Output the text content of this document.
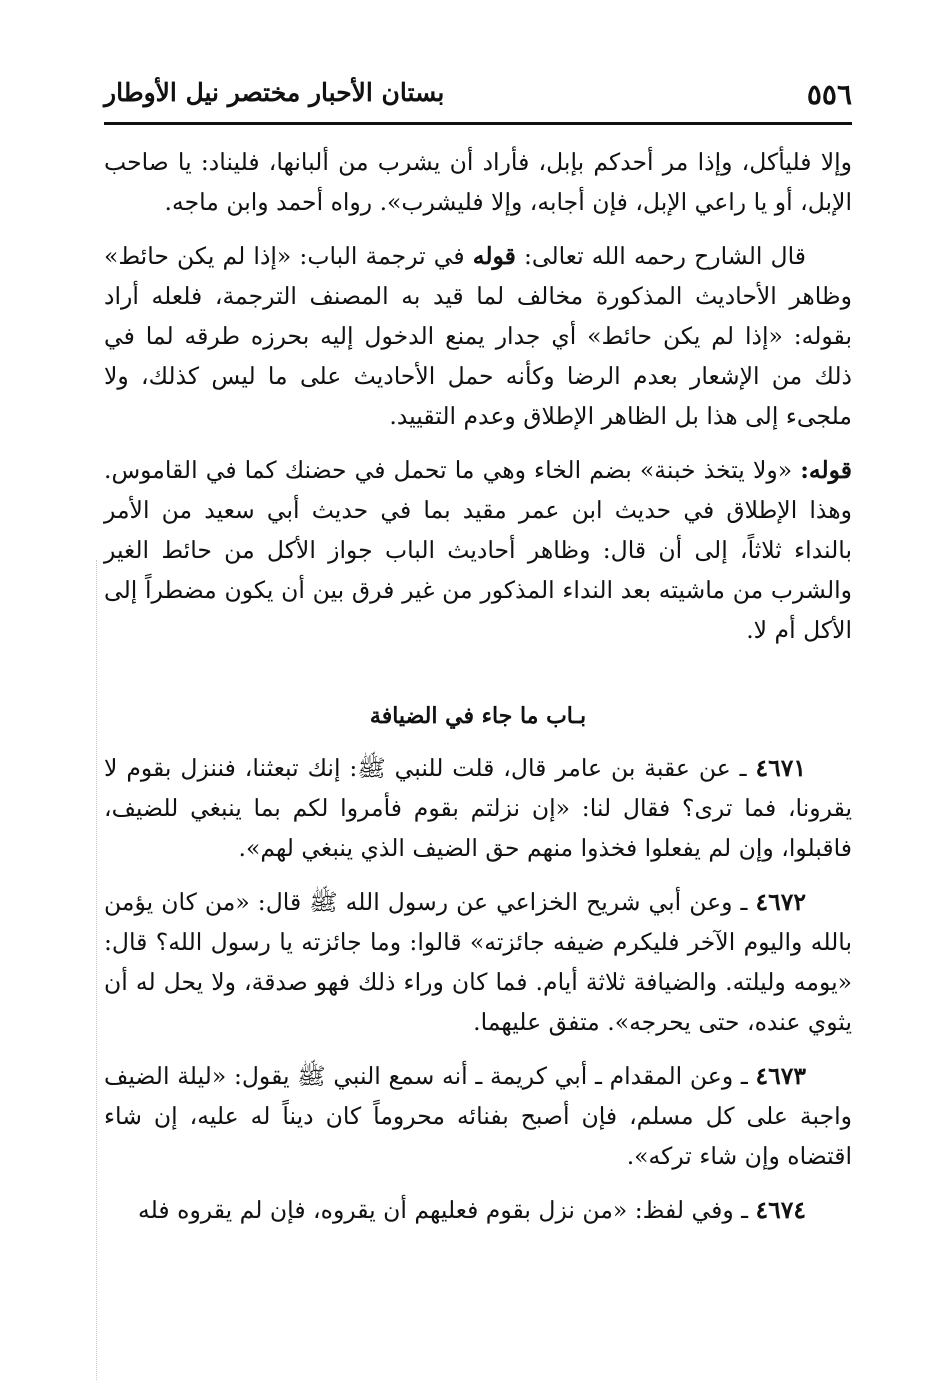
٥٥٦
بستان الأحبار مختصر نيل الأوطار

وإلا فليأكل، وإذا مر أحدكم بإبل، فأراد أن يشرب من ألبانها، فليناد: يا صاحب الإبل، أو يا راعي الإبل، فإن أجابه، وإلا فليشرب». رواه أحمد وابن ماجه.

قال الشارح رحمه الله تعالى: قوله في ترجمة الباب: «إذا لم يكن حائط» وظاهر الأحاديث المذكورة مخالف لما قيد به المصنف الترجمة، فلعله أراد بقوله: «إذا لم يكن حائط» أي جدار يمنع الدخول إليه بحرزه طرقه لما في ذلك من الإشعار بعدم الرضا وكأنه حمل الأحاديث على ما ليس كذلك، ولا ملجىء إلى هذا بل الظاهر الإطلاق وعدم التقييد.

قوله: «ولا يتخذ خبنة» بضم الخاء وهي ما تحمل في حضنك كما في القاموس. وهذا الإطلاق في حديث ابن عمر مقيد بما في حديث أبي سعيد من الأمر بالنداء ثلاثاً، إلى أن قال: وظاهر أحاديث الباب جواز الأكل من حائط الغير والشرب من ماشيته بعد النداء المذكور من غير فرق بين أن يكون مضطراً إلى الأكل أم لا.

بـاب ما جاء في الضيافة

٤٦٧١ ـ عن عقبة بن عامر قال، قلت للنبي ﷺ: إنك تبعثنا، فننزل بقوم لا يقرونا، فما ترى؟ فقال لنا: «إن نزلتم بقوم فأمروا لكم بما ينبغي للضيف، فاقبلوا، وإن لم يفعلوا فخذوا منهم حق الضيف الذي ينبغي لهم».

٤٦٧٢ ـ وعن أبي شريح الخزاعي عن رسول الله ﷺ قال: «من كان يؤمن بالله واليوم الآخر فليكرم ضيفه جائزته» قالوا: وما جائزته يا رسول الله؟ قال: «يومه وليلته. والضيافة ثلاثة أيام. فما كان وراء ذلك فهو صدقة، ولا يحل له أن يثوي عنده، حتى يحرجه». متفق عليهما.

٤٦٧٣ ـ وعن المقدام ـ أبي كريمة ـ أنه سمع النبي ﷺ يقول: «ليلة الضيف واجبة على كل مسلم، فإن أصبح بفنائه محروماً كان ديناً له عليه، إن شاء اقتضاه وإن شاء تركه».

٤٦٧٤ ـ وفي لفظ: «من نزل بقوم فعليهم أن يقروه، فإن لم يقروه فله
